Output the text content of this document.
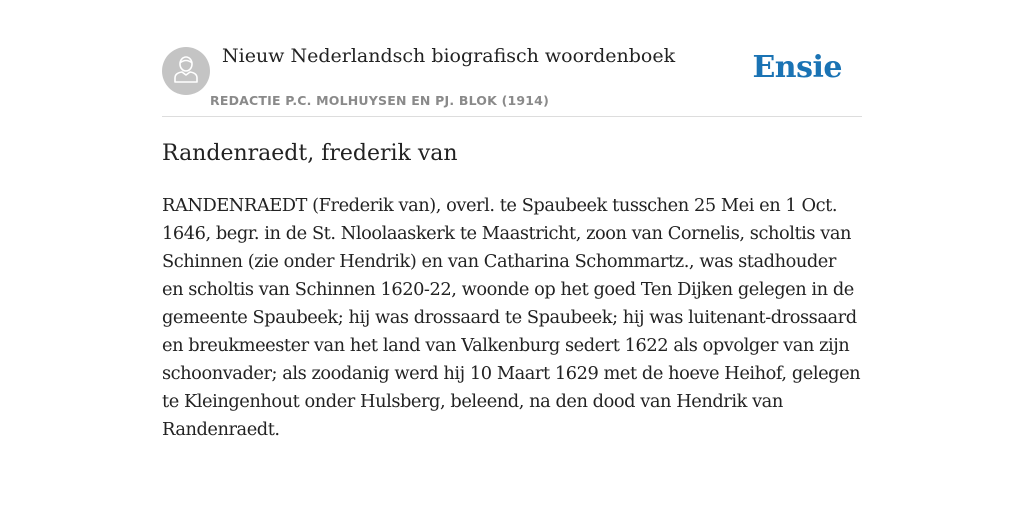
Nieuw Nederlandsch biografisch woordenboek
REDACTIE P.C. MOLHUYSEN EN PJ. BLOK (1914)
Ensie
Randenraedt, frederik van

RANDENRAEDT (Frederik van), overl. te Spaubeek tusschen 25 Mei en 1 Oct. 1646, begr. in de St. Nloolaaskerk te Maastricht, zoon van Cornelis, scholtis van Schinnen (zie onder Hendrik) en van Catharina Schommartz., was stadhouder en scholtis van Schinnen 1620-22, woonde op het goed Ten Dijken gelegen in de gemeente Spaubeek; hij was drossaard te Spaubeek; hij was luitenant-drossaard en breukmeester van het land van Valkenburg sedert 1622 als opvolger van zijn schoonvader; als zoodanig werd hij 10 Maart 1629 met de hoeve Heihof, gelegen te Kleingenhout onder Hulsberg, beleend, na den dood van Hendrik van Randenraedt.
